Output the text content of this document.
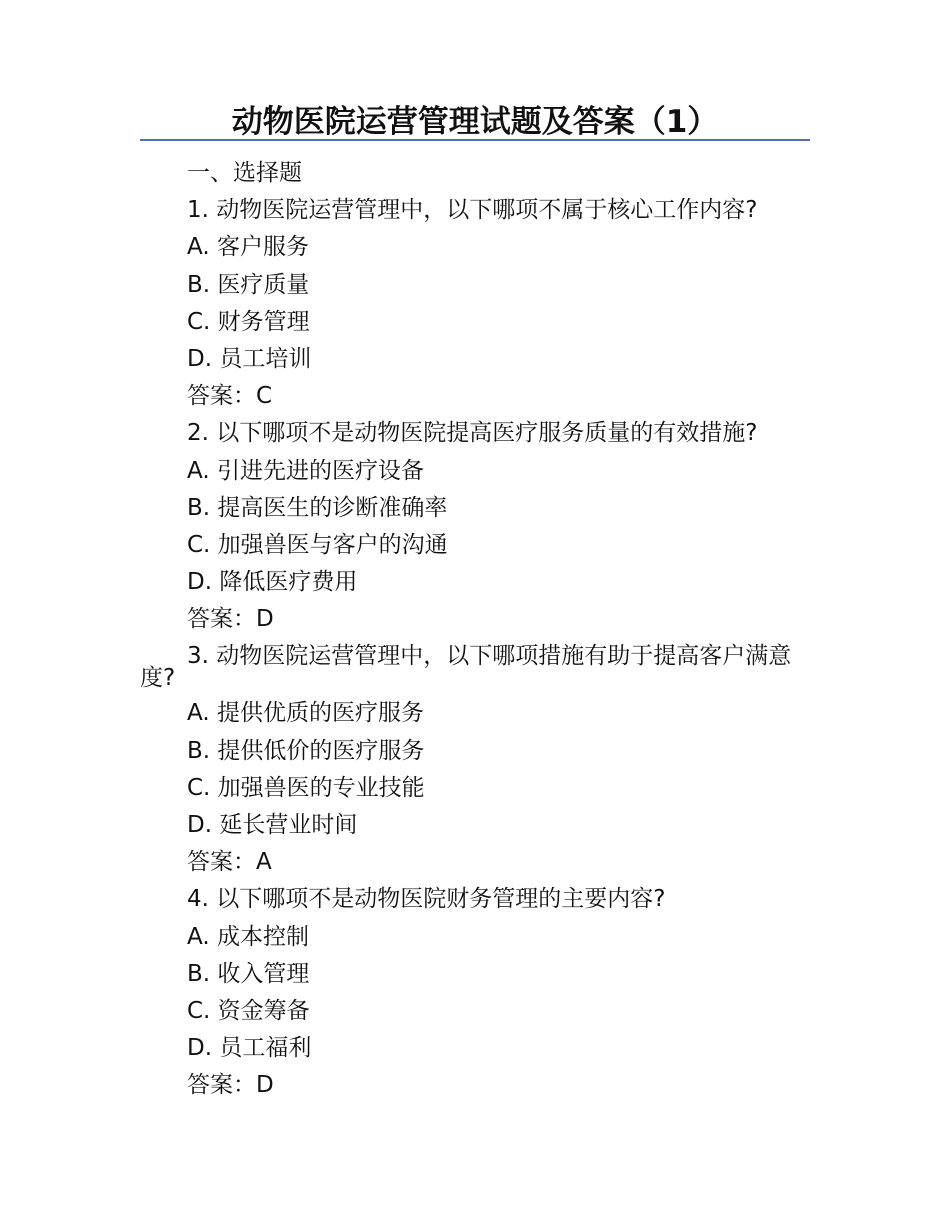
动物医院运营管理试题及答案（1）
一、选择题
1. 动物医院运营管理中，以下哪项不属于核心工作内容?
A. 客户服务
B. 医疗质量
C. 财务管理
D. 员工培训
答案：C
2. 以下哪项不是动物医院提高医疗服务质量的有效措施?
A. 引进先进的医疗设备
B. 提高医生的诊断准确率
C. 加强兽医与客户的沟通
D. 降低医疗费用
答案：D
3. 动物医院运营管理中，以下哪项措施有助于提高客户满意度?
A. 提供优质的医疗服务
B. 提供低价的医疗服务
C. 加强兽医的专业技能
D. 延长营业时间
答案：A
4. 以下哪项不是动物医院财务管理的主要内容?
A. 成本控制
B. 收入管理
C. 资金筹备
D. 员工福利
答案：D
